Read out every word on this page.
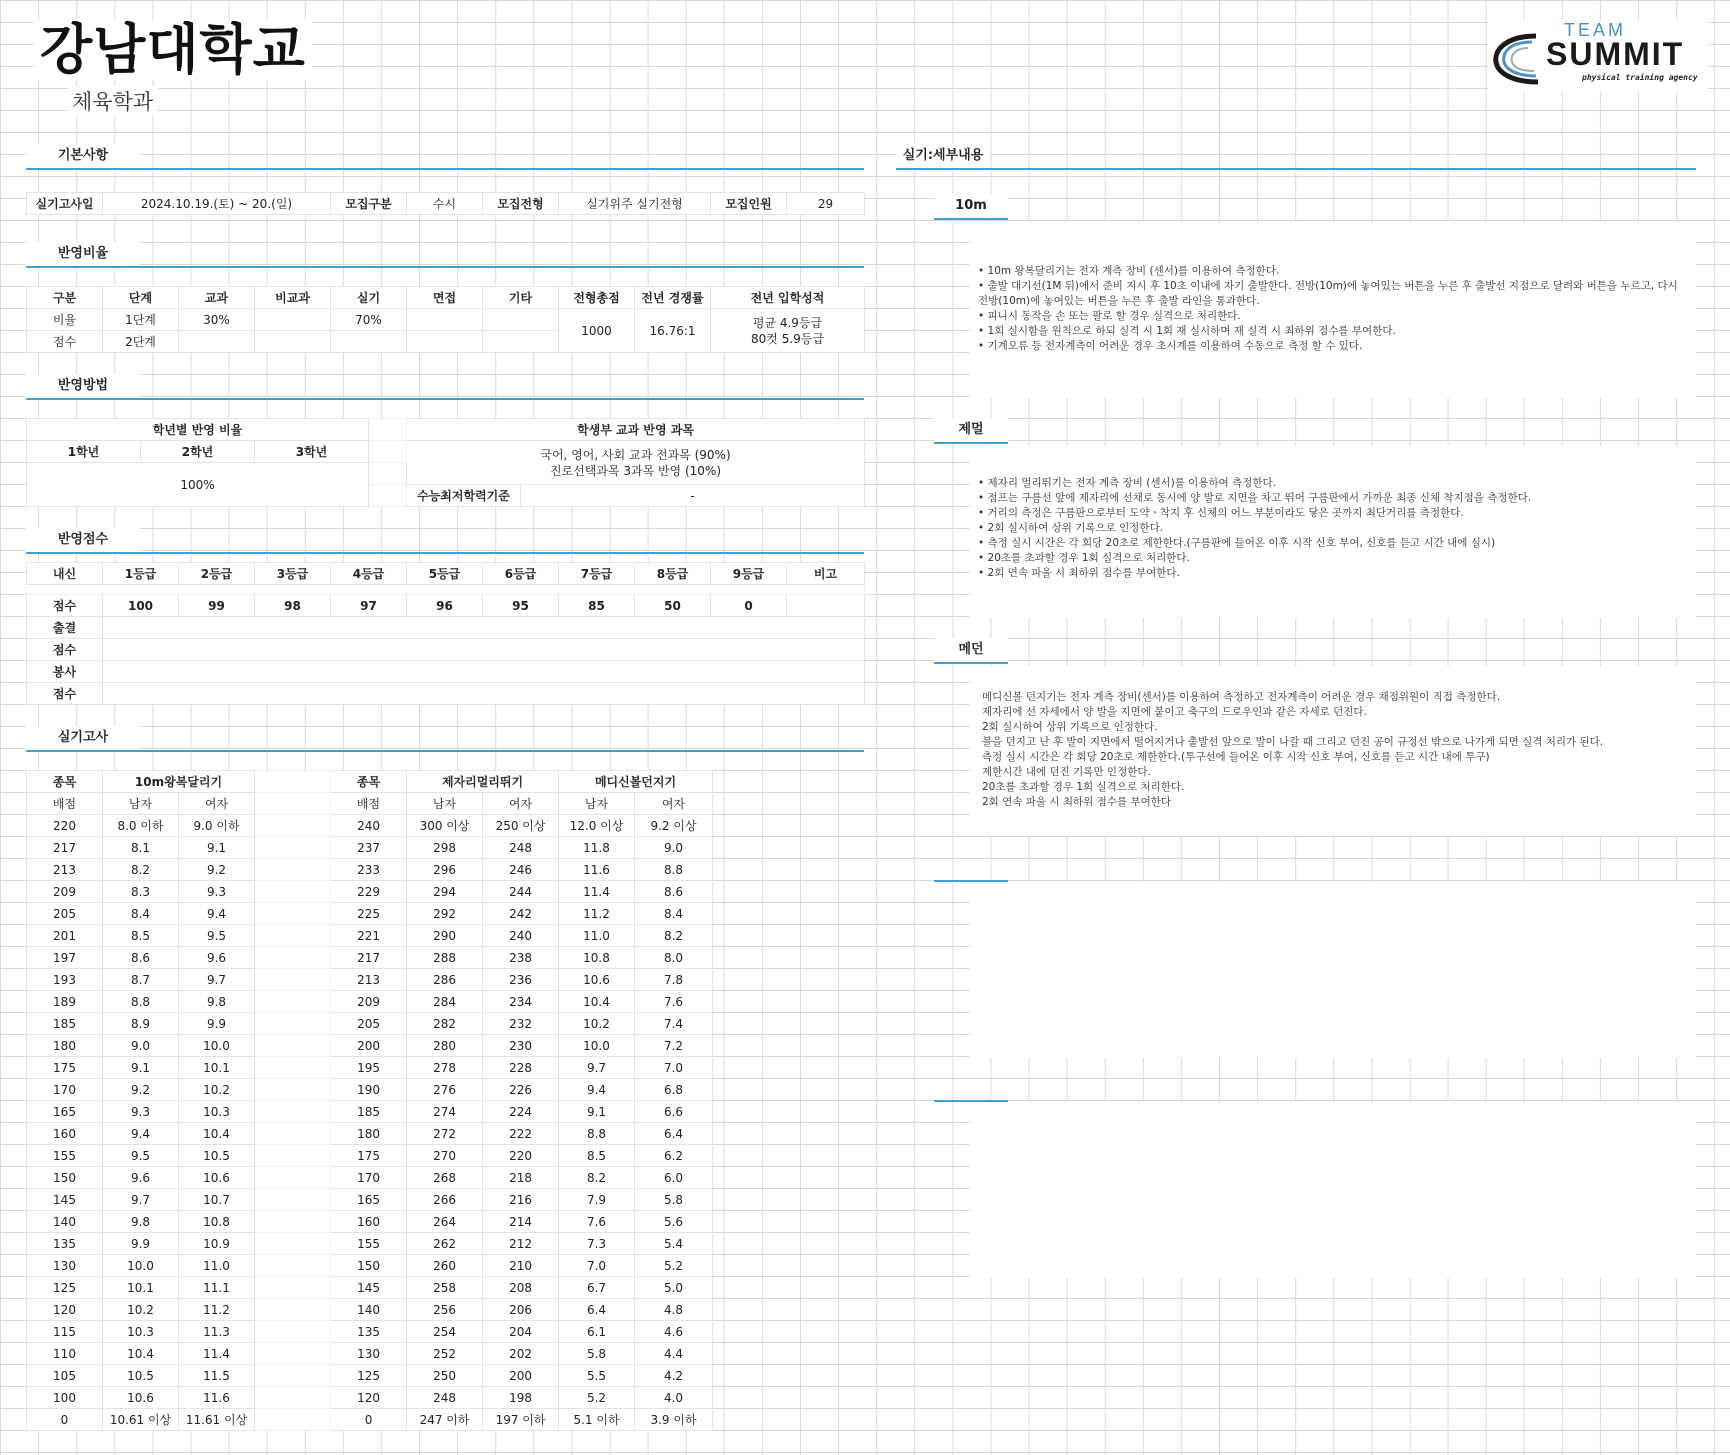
강남대학교
체육학과
TEAM
SUMMIT
physical training agency
기본사항
실기고사일	2024.10.19.(토) ~ 20.(일)	모집구분	수시	모집전형	실기위주 실기전형	모집인원	29
반영비율
구분	단계	교과	비교과	실기	면접	기타	전형총점	전년 경쟁률	전년 입학성적
비율	1단계	30%		70%			1000	16.76:1	평균 4.9등급
80컷 5.9등급

점수	2단계								
반영방법
학년별 반영 비율				학생부 교과 반영 과목	
1학년	2학년	3학년		국어, 영어, 사회 교과 전과목 (90%)
진로선택과목 3과목 반영 (10%)	

100%					
				수능최저학력기준	-
반영점수
내신	1등급	2등급	3등급	4등급	5등급	6등급	7등급	8등급	9등급	비고

점수	100	99	98	97	96	95	85	50	0	
출결										
점수										
봉사										
점수										
실기고사
종목	10m왕복달리기			종목	제자리멀리뛰기		메디신볼던지기	
배점	남자	여자		배점	남자	여자	남자	여자
220	8.0 이하	9.0 이하		240	300 이상	250 이상	12.0 이상	9.2 이상
217	8.1	9.1		237	298	248	11.8	9.0
213	8.2	9.2		233	296	246	11.6	8.8
209	8.3	9.3		229	294	244	11.4	8.6
205	8.4	9.4		225	292	242	11.2	8.4
201	8.5	9.5		221	290	240	11.0	8.2
197	8.6	9.6		217	288	238	10.8	8.0
193	8.7	9.7		213	286	236	10.6	7.8
189	8.8	9.8		209	284	234	10.4	7.6
185	8.9	9.9		205	282	232	10.2	7.4
180	9.0	10.0		200	280	230	10.0	7.2
175	9.1	10.1		195	278	228	9.7	7.0
170	9.2	10.2		190	276	226	9.4	6.8
165	9.3	10.3		185	274	224	9.1	6.6
160	9.4	10.4		180	272	222	8.8	6.4
155	9.5	10.5		175	270	220	8.5	6.2
150	9.6	10.6		170	268	218	8.2	6.0
145	9.7	10.7		165	266	216	7.9	5.8
140	9.8	10.8		160	264	214	7.6	5.6
135	9.9	10.9		155	262	212	7.3	5.4
130	10.0	11.0		150	260	210	7.0	5.2
125	10.1	11.1		145	258	208	6.7	5.0
120	10.2	11.2		140	256	206	6.4	4.8
115	10.3	11.3		135	254	204	6.1	4.6
110	10.4	11.4		130	252	202	5.8	4.4
105	10.5	11.5		125	250	200	5.5	4.2
100	10.6	11.6		120	248	198	5.2	4.0
0	10.61 이상	11.61 이상		0	247 이하	197 이하	5.1 이하	3.9 이하
실기:세부내용
10m
• 10m 왕복달리기는 전자 계측 장비 (센서)를 이용하여 측정한다.
• 출발 대기선(1M 뒤)에서 준비 지시 후 10초 이내에 자기 출발한다. 전방(10m)에 놓여있는 버튼을 누른 후 출발선 지점으로 달려와 버튼을 누르고, 다시 전방(10m)에 놓여있는 버튼을 누른 후 출발 라인을 통과한다.
• 피니시 동작을 손 또는 팔로 할 경우 실격으로 처리한다.
• 1회 실시함을 원칙으로 하되 실격 시 1회 재 실시하며 재 실격 시 최하위 점수를 부여한다.
• 기계오류 등 전자계측이 어려운 경우 초시계를 이용하여 수동으로 측정 할 수 있다.
제멀
• 제자리 멀리뛰기는 전자 계측 장비 (센서)를 이용하여 측정한다.
• 점프는 구름선 앞에 제자리에 선채로 동시에 양 발로 지면을 차고 뛰어 구름판에서 가까운 최종 신체 착지점을 측정한다.
• 거리의 측정은 구름판으로부터 도약ㆍ착지 후 신체의 어느 부분이라도 닿은 곳까지 최단거리를 측정한다.
• 2회 실시하여 상위 기록으로 인정한다.
• 측정 실시 시간은 각 회당 20초로 제한한다.(구름판에 들어온 이후 시작 신호 부여, 신호를 듣고 시간 내에 실시)
• 20초를 초과할 경우 1회 실격으로 처리한다.
• 2회 연속 파울 시 최하위 점수를 부여한다.
메던
메디신볼 던지기는 전자 계측 장비(센서)를 이용하여 측정하고 전자계측이 어려운 경우 채점위원이 직접 측정한다.
제자리에 선 자세에서 양 발을 지면에 붙이고 축구의 드로우인과 같은 자세로 던진다.
2회 실시하여 상위 기록으로 인정한다.
볼을 던지고 난 후 발이 지면에서 떨어지거나 출발선 앞으로 발이 나갈 때 그리고 던진 공이 규정선 밖으로 나가게 되면 실격 처리가 된다.
측정 실시 시간은 각 회당 20초로 제한한다.(투구선에 들어온 이후 시작 신호 부여, 신호를 듣고 시간 내에 투구)
제한시간 내에 던진 기록만 인정한다.
20초를 초과할 경우 1회 실격으로 처리한다.
2회 연속 파울 시 최하위 점수를 부여한다
